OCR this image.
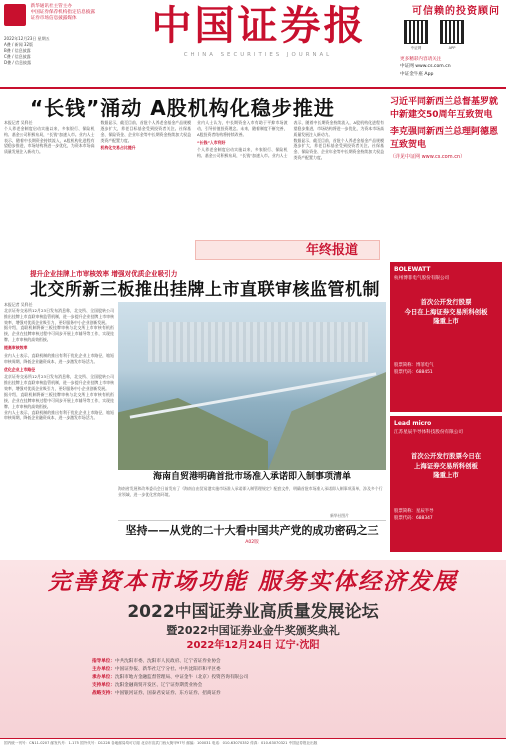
新华通讯社主管主办
中国证券保荐机构指定信息披露
证券市场信息披露媒体
2022年12月23日 星期五
A叠 / 新闻 32版
B叠 / 信息披露
C叠 / 信息披露
D叠 / 信息披露
中国证券报
CHINA SECURITIES JOURNAL
可信赖的投资顾问
中证网	APP
更多精彩内容请关注
中证网 www.cs.com.cn
中证金牛座 App
“长钱”涌动 A股机构化稳步推进
本报记者 吴科任

个人养老金制度启动实施以来，多家银行、保险机构、基金公司积极布局，“长钱”加速入市。业内人士表示，随着中长期资金持续流入，A股机构化进程有望稳步推进，市场结构将进一步优化，为资本市场高质量发展注入新动力。

数据显示，截至目前，首批个人养老金基金产品规模逐步扩大，养老目标基金受到投资者关注。社保基金、保险资金、企业年金等中长期资金持续加大权益类资产配置力度。

机构化交易占比提升

业内人士认为，中长期资金入市有助于平抑市场波动，引导价值投资理念。未来，随着制度不断完善，A股投资者结构将持续改善。

“长钱”入市利好

个人养老金制度启动实施以来，多家银行、保险机构、基金公司积极布局，“长钱”加速入市。业内人士表示，随着中长期资金持续流入，A股机构化进程有望稳步推进，市场结构将进一步优化，为资本市场高质量发展注入新动力。

数据显示，截至目前，首批个人养老金基金产品规模逐步扩大，养老目标基金受到投资者关注。社保基金、保险资金、企业年金等中长期资金持续加大权益类资产配置力度。

年终报道
习近平同新西兰总督基罗就中新建交50周年互致贺电
李克强同新西兰总理阿德恩互致贺电
（详见中证网 www.cs.com.cn）
BOLEWATT
杭州博菲电气股份有限公司
首次公开发行股票
今日在上海证券交易所科创板
隆重上市
股票简称：博菲电气
股票代码：688451
Lead micro
江苏星辰半导体科技股份有限公司
首次公开发行股票今日在
上海证券交易所科创板
隆重上市
股票简称：星辰半导
股票代码：688347
提升企业挂牌上市审核效率 增强对优质企业吸引力
北交所新三板推出挂牌上市直联审核监管机制
本报记者 吴科任

北京证券交易所12月23日发布消息称，北交所、全国股转公司推出挂牌上市直联审核监管机制，进一步提升企业挂牌上市审核效率，增强对优质企业吸引力，更好服务中小企业创新发展。

据介绍，直联机制将新三板挂牌审核与北交所上市审核有机衔接，企业在挂牌审核过程中可同步开展上市辅导等工作，实现挂牌、上市审核的高效衔接。

提高审核效率

业内人士表示，直联机制的推出有利于优化企业上市路径，缩短审核周期，降低企业融资成本，进一步激发市场活力。

优化企业上市路径

北京证券交易所12月23日发布消息称，北交所、全国股转公司推出挂牌上市直联审核监管机制，进一步提升企业挂牌上市审核效率，增强对优质企业吸引力，更好服务中小企业创新发展。

据介绍，直联机制将新三板挂牌审核与北交所上市审核有机衔接，企业在挂牌审核过程中可同步开展上市辅导等工作，实现挂牌、上市审核的高效衔接。

业内人士表示，直联机制的推出有利于优化企业上市路径，缩短审核周期，降低企业融资成本，进一步激发市场活力。

海南自贸港明确首批市场准入承诺即入制事项清单
海南省发展和改革委员会日前发布了《海南自由贸易港实施市场准入承诺即入制管理规定》配套文件，明确首批市场准入承诺即入制事项清单，涉及多个行业领域，进一步优化营商环境。
新华社图片
坚持——从党的二十大看中国共产党的成功密码之三
A02版
完善资本市场功能 服务实体经济发展
2022中国证券业高质量发展论坛
暨2022中国证券业金牛奖颁奖典礼
2022年12月24日 辽宁·沈阳
指导单位：中共沈阳市委、沈阳市人民政府、辽宁省证券业协会
主办单位：中国证券报、新华社辽宁分社、中共沈阳市和平区委
承办单位：沈阳市地方金融监督管理局、中证金牛（北京）投资咨询有限公司
支持单位：沈阳金融商贸开发区、辽宁证券期货业协会
战略支持：中国银河证券、国泰君安证券、东方证券、招商证券
国内统一刊号：CN11-0207 邮发代号：1-175 国外代号：D1228 各地邮局均可订阅 北京市宣武门西大街甲97号 邮编：100031 电话：010-63070352 传真：010-63070321 中国证券报社出版
